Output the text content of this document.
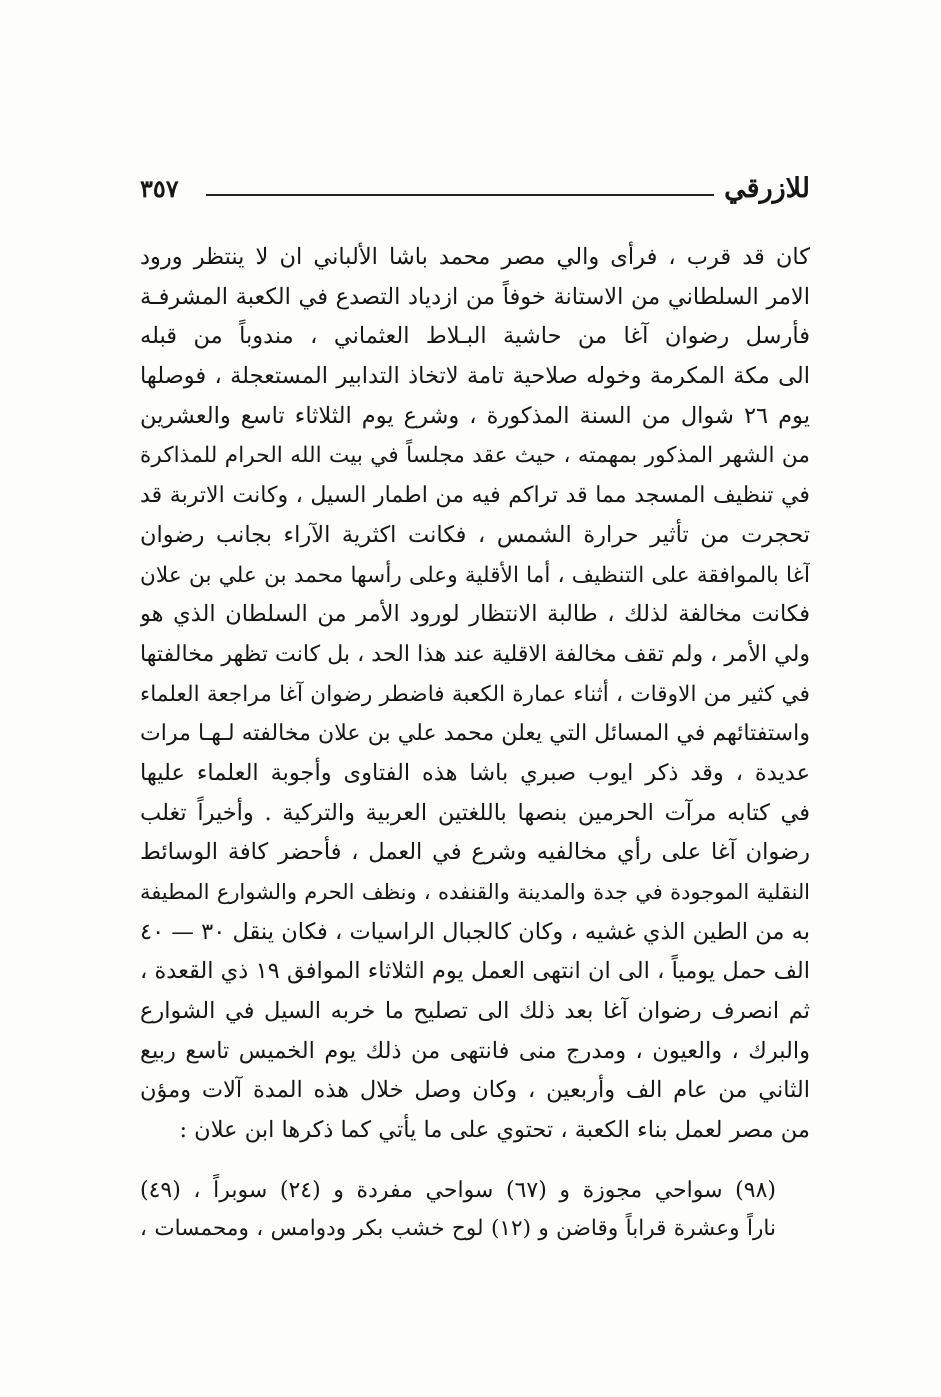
للازرقي
٣٥٧
كان قد قرب ، فرأى والي مصر محمد باشا الألباني ان لا ينتظر ورود
الامر السلطاني من الاستانة خوفاً من ازدياد التصدع في الكعبة المشرفـة
فأرسل رضوان آغا من حاشية البـلاط العثماني ، مندوباً من قبله
الى مكة المكرمة وخوله صلاحية تامة لاتخاذ التدابير المستعجلة ، فوصلها
يوم ٢٦ شوال من السنة المذكورة ، وشرع يوم الثلاثاء تاسع والعشرين
من الشهر المذكور بمهمته ، حيث عقد مجلساً في بيت الله الحرام للمذاكرة
في تنظيف المسجد مما قد تراكم فيه من اطمار السيل ، وكانت الاتربة قد
تحجرت من تأثير حرارة الشمس ، فكانت اكثرية الآراء بجانب رضوان
آغا بالموافقة على التنظيف ، أما الأقلية وعلى رأسها محمد بن علي بن علان
فكانت مخالفة لذلك ، طالبة الانتظار لورود الأمر من السلطان الذي هو
ولي الأمر ، ولم تقف مخالفة الاقلية عند هذا الحد ، بل كانت تظهر مخالفتها
في كثير من الاوقات ، أثناء عمارة الكعبة فاضطر رضوان آغا مراجعة العلماء
واستفتائهم في المسائل التي يعلن محمد علي بن علان مخالفته لـهـا مرات
عديدة ، وقد ذكر ايوب صبري باشا هذه الفتاوى وأجوبة العلماء عليها
في كتابه مرآت الحرمين بنصها باللغتين العربية والتركية . وأخيراً تغلب
رضوان آغا على رأي مخالفيه وشرع في العمل ، فأحضر كافة الوسائط
النقلية الموجودة في جدة والمدينة والقنفده ، ونظف الحرم والشوارع المطيفة
به من الطين الذي غشيه ، وكان كالجبال الراسيات ، فكان ينقل ٣٠ — ٤٠
الف حمل يومياً ، الى ان انتهى العمل يوم الثلاثاء الموافق ١٩ ذي القعدة ،
ثم انصرف رضوان آغا بعد ذلك الى تصليح ما خربه السيل في الشوارع
والبرك ، والعيون ، ومدرج منى فانتهى من ذلك يوم الخميس تاسع ربيع
الثاني من عام الف وأربعين ، وكان وصل خلال هذه المدة آلات ومؤن
من مصر لعمل بناء الكعبة ، تحتوي على ما يأتي كما ذكرها ابن علان :
(٩٨) سواحي مجوزة و (٦٧) سواحي مفردة و (٢٤) سوبراً ، (٤٩)
ناراً وعشرة قراباً وقاضن و (١٢) لوح خشب بكر ودوامس ، ومحمسات ،
